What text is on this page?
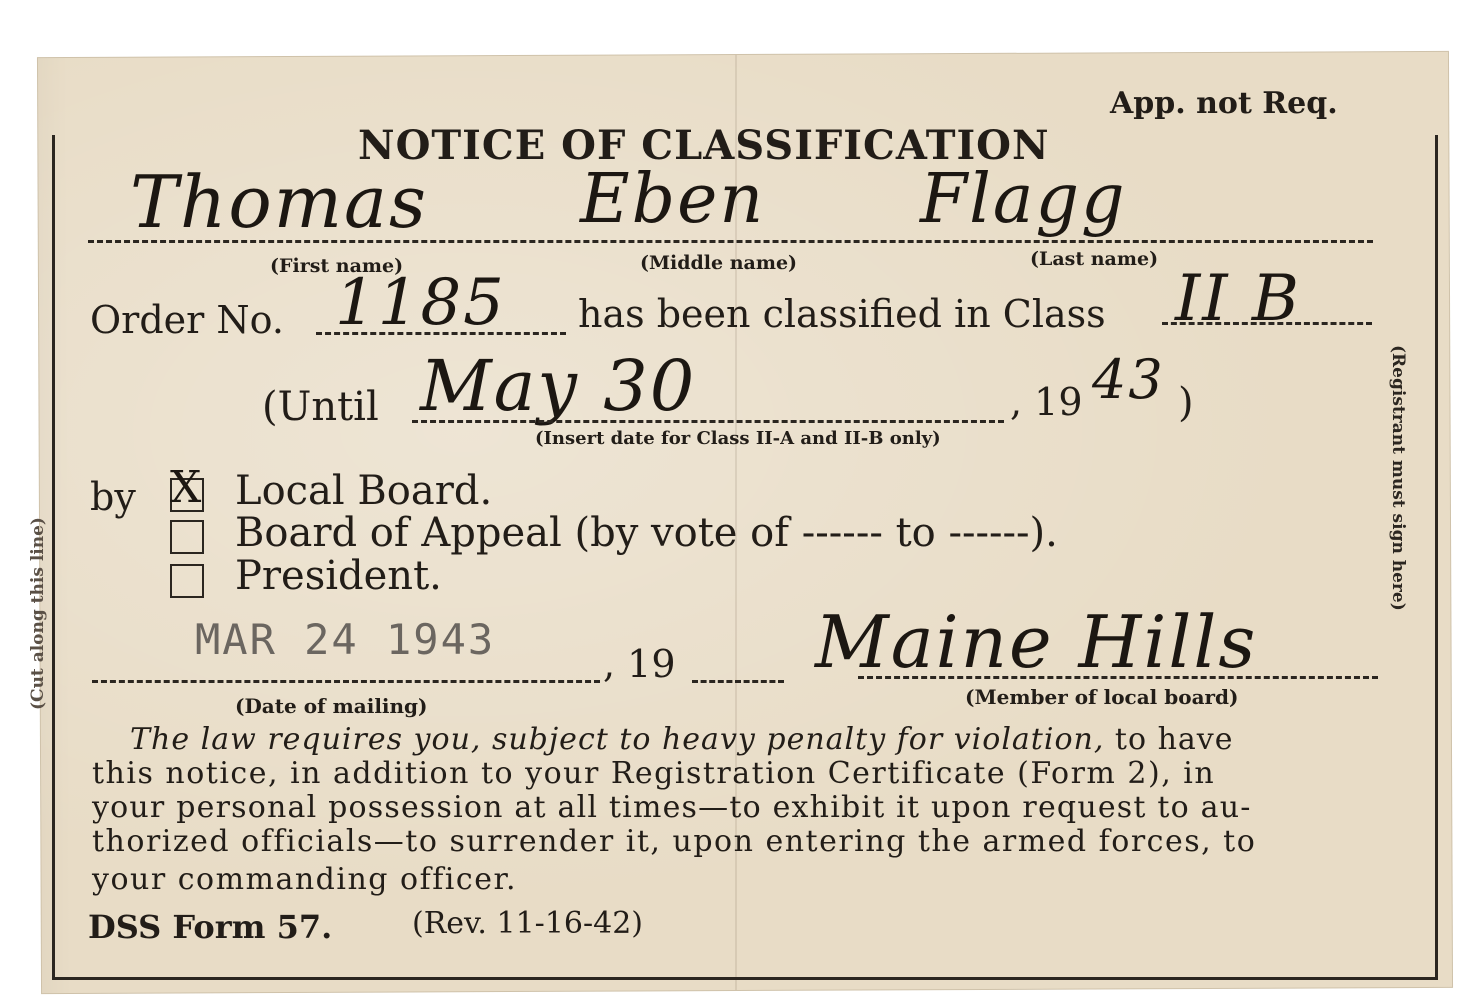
App. not Req.
NOTICE OF CLASSIFICATION
Thomas Eben Flagg
(First name)	(Middle name)	(Last name)
Order No. 1185 has been classified in Class II B
(Until May 30	, 19 43 )
(Insert date for Class II-A and II-B only)
by X Local Board.
Board of Appeal (by vote of ------ to ------).
President.
MAR 24 1943	, 19 Maine Hills
(Date of mailing)	(Member of local board)
The law requires you, subject to heavy penalty for violation, to have
this notice, in addition to your Registration Certificate (Form 2), in
your personal possession at all times—to exhibit it upon request to au-
thorized officials—to surrender it, upon entering the armed forces, to
your commanding officer.
DSS Form 57.	(Rev. 11-16-42)
(Registrant must sign here)
(Cut along this line)
